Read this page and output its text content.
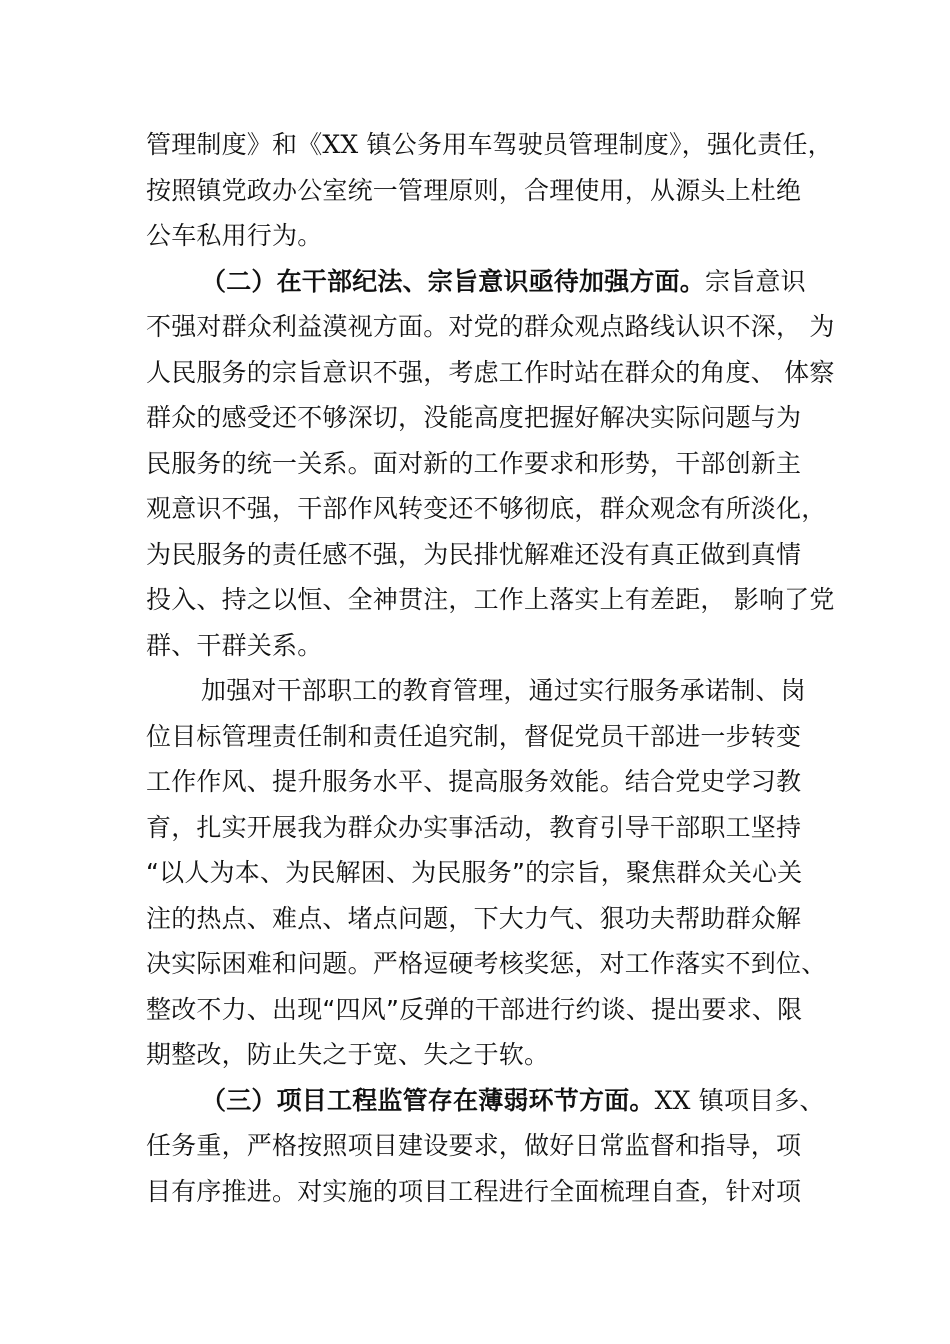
管理制度》和《XX 镇公务用车驾驶员管理制度》，强化责任，
按照镇党政办公室统一管理原则，合理使用，从源头上杜绝
公车私用行为。
（二）在干部纪法、宗旨意识亟待加强方面。宗旨意识
不强对群众利益漠视方面。对党的群众观点路线认识不深， 为
人民服务的宗旨意识不强，考虑工作时站在群众的角度、 体察
群众的感受还不够深切，没能高度把握好解决实际问题与为
民服务的统一关系。面对新的工作要求和形势，干部创新主
观意识不强，干部作风转变还不够彻底，群众观念有所淡化，
为民服务的责任感不强，为民排忧解难还没有真正做到真情
投入、持之以恒、全神贯注，工作上落实上有差距， 影响了党
群、干群关系。
加强对干部职工的教育管理，通过实行服务承诺制、岗
位目标管理责任制和责任追究制，督促党员干部进一步转变
工作作风、提升服务水平、提高服务效能。结合党史学习教
育，扎实开展我为群众办实事活动，教育引导干部职工坚持
“以人为本、为民解困、为民服务”的宗旨，聚焦群众关心关
注的热点、难点、堵点问题，下大力气、狠功夫帮助群众解
决实际困难和问题。严格逗硬考核奖惩，对工作落实不到位、
整改不力、出现“四风”反弹的干部进行约谈、提出要求、限
期整改，防止失之于宽、失之于软。
（三）项目工程监管存在薄弱环节方面。XX 镇项目多、
任务重，严格按照项目建设要求，做好日常监督和指导，项
目有序推进。对实施的项目工程进行全面梳理自查，针对项
